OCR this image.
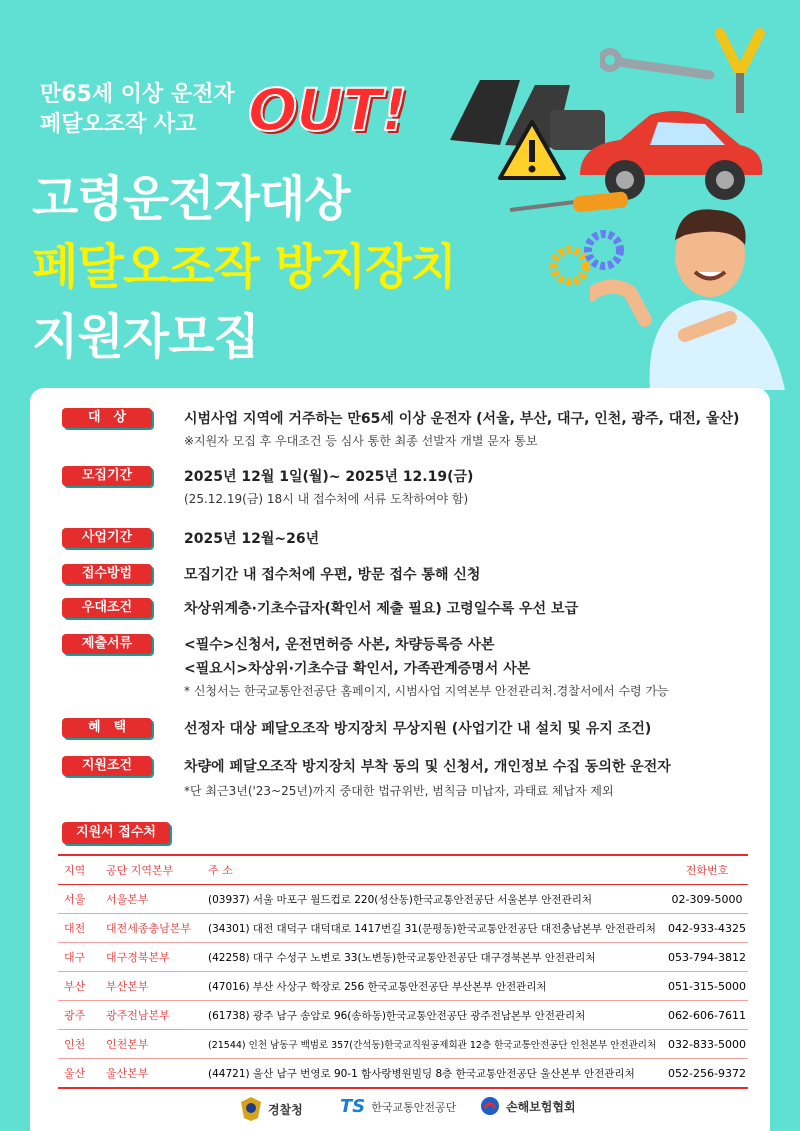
만65세 이상 운전자
페달오조작 사고 OUT!
고령운전자대상
페달오조작 방지장치
지원자모집
대　상	시범사업 지역에 거주하는 만65세 이상 운전자 (서울, 부산, 대구, 인천, 광주, 대전, 울산)
※지원자 모집 후 우대조건 등 심사 통한 최종 선발자 개별 문자 통보
모집기간	2025년 12월 1일(월)~ 2025년 12.19(금)
(25.12.19(금) 18시 내 접수처에 서류 도착하여야 함)
사업기간	2025년 12월~26년
접수방법	모집기간 내 접수처에 우편, 방문 접수 통해 신청
우대조건	차상위계층·기초수급자(확인서 제출 필요) 고령일수록 우선 보급
제출서류	<필수>신청서, 운전면허증 사본, 차량등록증 사본
<필요시>차상위·기초수급 확인서, 가족관계증명서 사본
* 신청서는 한국교통안전공단 홈페이지, 시범사업 지역본부 안전관리처.경찰서에서 수령 가능
혜　택	선정자 대상 페달오조작 방지장치 무상지원 (사업기간 내 설치 및 유지 조건)
지원조건	차량에 페달오조작 방지장치 부착 동의 및 신청서, 개인정보 수집 동의한 운전자
*단 최근3년('23~25년)까지 중대한 법규위반, 범칙금 미납자, 과태료 체납자 제외
지원서 접수처
지역	공단 지역본부	주 소	전화번호
서울	서울본부	(03937) 서울 마포구 월드컵로 220(성산동)한국교통안전공단 서울본부 안전관리처	02-309-5000
대전	대전세종충남본부	(34301) 대전 대덕구 대덕대로 1417번길 31(문평동)한국교통안전공단 대전충남본부 안전관리처	042-933-4325
대구	대구경북본부	(42258) 대구 수성구 노변로 33(노변동)한국교통안전공단 대구경북본부 안전관리처	053-794-3812
부산	부산본부	(47016) 부산 사상구 학장로 256 한국교통안전공단 부산본부 안전관리처	051-315-5000
광주	광주전남본부	(61738) 광주 남구 송암로 96(송하동)한국교통안전공단 광주전남본부 안전관리처	062-606-7611
인천	인천본부	(21544) 인천 남동구 백범로 357(간석동)한국교직원공제회관 12층 한국교통안전공단 인천본부 안전관리처	032-833-5000
울산	울산본부	(44721) 울산 남구 번영로 90-1 함사랑병원빌딩 8층 한국교통안전공단 울산본부 안전관리처	052-256-9372
경찰청 TS 한국교통안전공단	손해보험협회
